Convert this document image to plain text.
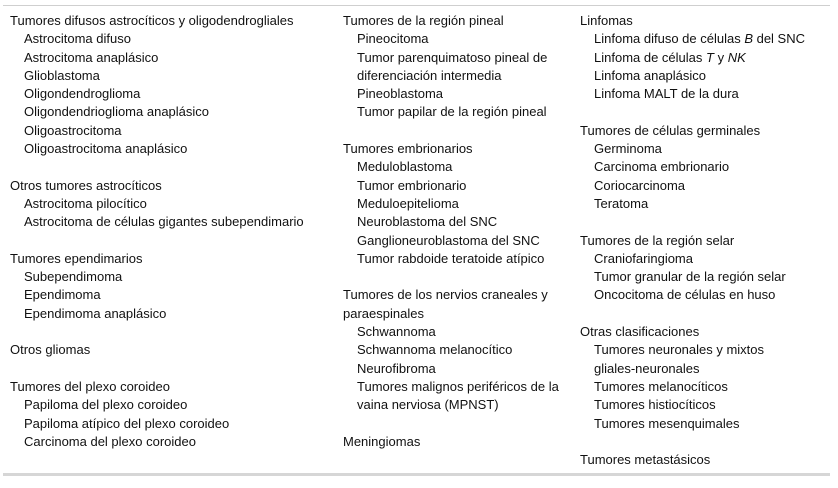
Tumores difusos astrocíticos y oligodendrogliales
Astrocitoma difuso
Astrocitoma anaplásico
Glioblastoma
Oligondendroglioma
Oligondendrioglioma anaplásico
Oligoastrocitoma
Oligoastrocitoma anaplásico
Otros tumores astrocíticos
Astrocitoma pilocítico
Astrocitoma de células gigantes subependimario
Tumores ependimarios
Subependimoma
Ependimoma
Ependimoma anaplásico
Otros gliomas
Tumores del plexo coroideo
Papiloma del plexo coroideo
Papiloma atípico del plexo coroideo
Carcinoma del plexo coroideo
Tumores de la región pineal
Pineocitoma
Tumor parenquimatoso pineal de diferenciación intermedia
Pineoblastoma
Tumor papilar de la región pineal
Tumores embrionarios
Meduloblastoma
Tumor embrionario
Meduloepitelioma
Neuroblastoma del SNC
Ganglioneuroblastoma del SNC
Tumor rabdoide teratoide atípico
Tumores de los nervios craneales y paraespinales
Schwannoma
Schwannoma melanocítico
Neurofibroma
Tumores malignos periféricos de la vaina nerviosa (MPNST)
Meningiomas
Linfomas
Linfoma difuso de células B del SNC
Linfoma de células T y NK
Linfoma anaplásico
Linfoma MALT de la dura
Tumores de células germinales
Germinoma
Carcinoma embrionario
Coriocarcinoma
Teratoma
Tumores de la región selar
Craniofaringioma
Tumor granular de la región selar
Oncocitoma de células en huso
Otras clasificaciones
Tumores neuronales y mixtos gliales-neuronales
Tumores melanocíticos
Tumores histiocíticos
Tumores mesenquimales
Tumores metastásicos
